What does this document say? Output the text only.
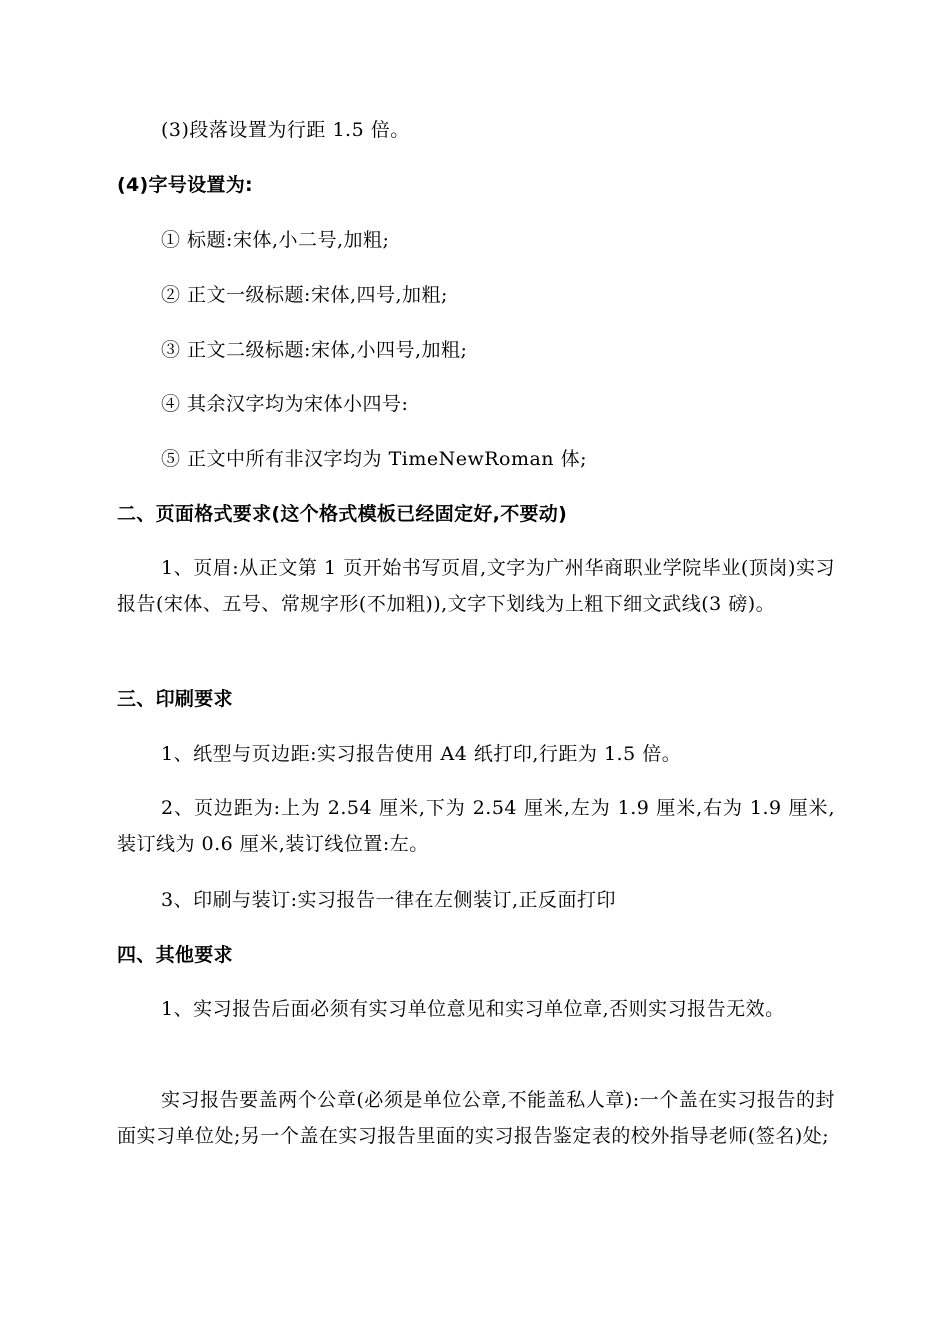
(3)段落设置为行距 1.5 倍。
(4)字号设置为:
① 标题:宋体,小二号,加粗;
② 正文一级标题:宋体,四号,加粗;
③ 正文二级标题:宋体,小四号,加粗;
④ 其余汉字均为宋体小四号:
⑤ 正文中所有非汉字均为 TimeNewRoman 体;
二、页面格式要求(这个格式模板已经固定好,不要动)
1、页眉:从正文第 1 页开始书写页眉,文字为广州华商职业学院毕业(顶岗)实习报告(宋体、五号、常规字形(不加粗)),文字下划线为上粗下细文武线(3 磅)。
三、印刷要求
1、纸型与页边距:实习报告使用 A4 纸打印,行距为 1.5 倍。
2、页边距为:上为 2.54 厘米,下为 2.54 厘米,左为 1.9 厘米,右为 1.9 厘米,装订线为 0.6 厘米,装订线位置:左。
3、印刷与装订:实习报告一律在左侧装订,正反面打印
四、其他要求
1、实习报告后面必须有实习单位意见和实习单位章,否则实习报告无效。
实习报告要盖两个公章(必须是单位公章,不能盖私人章):一个盖在实习报告的封面实习单位处;另一个盖在实习报告里面的实习报告鉴定表的校外指导老师(签名)处;
